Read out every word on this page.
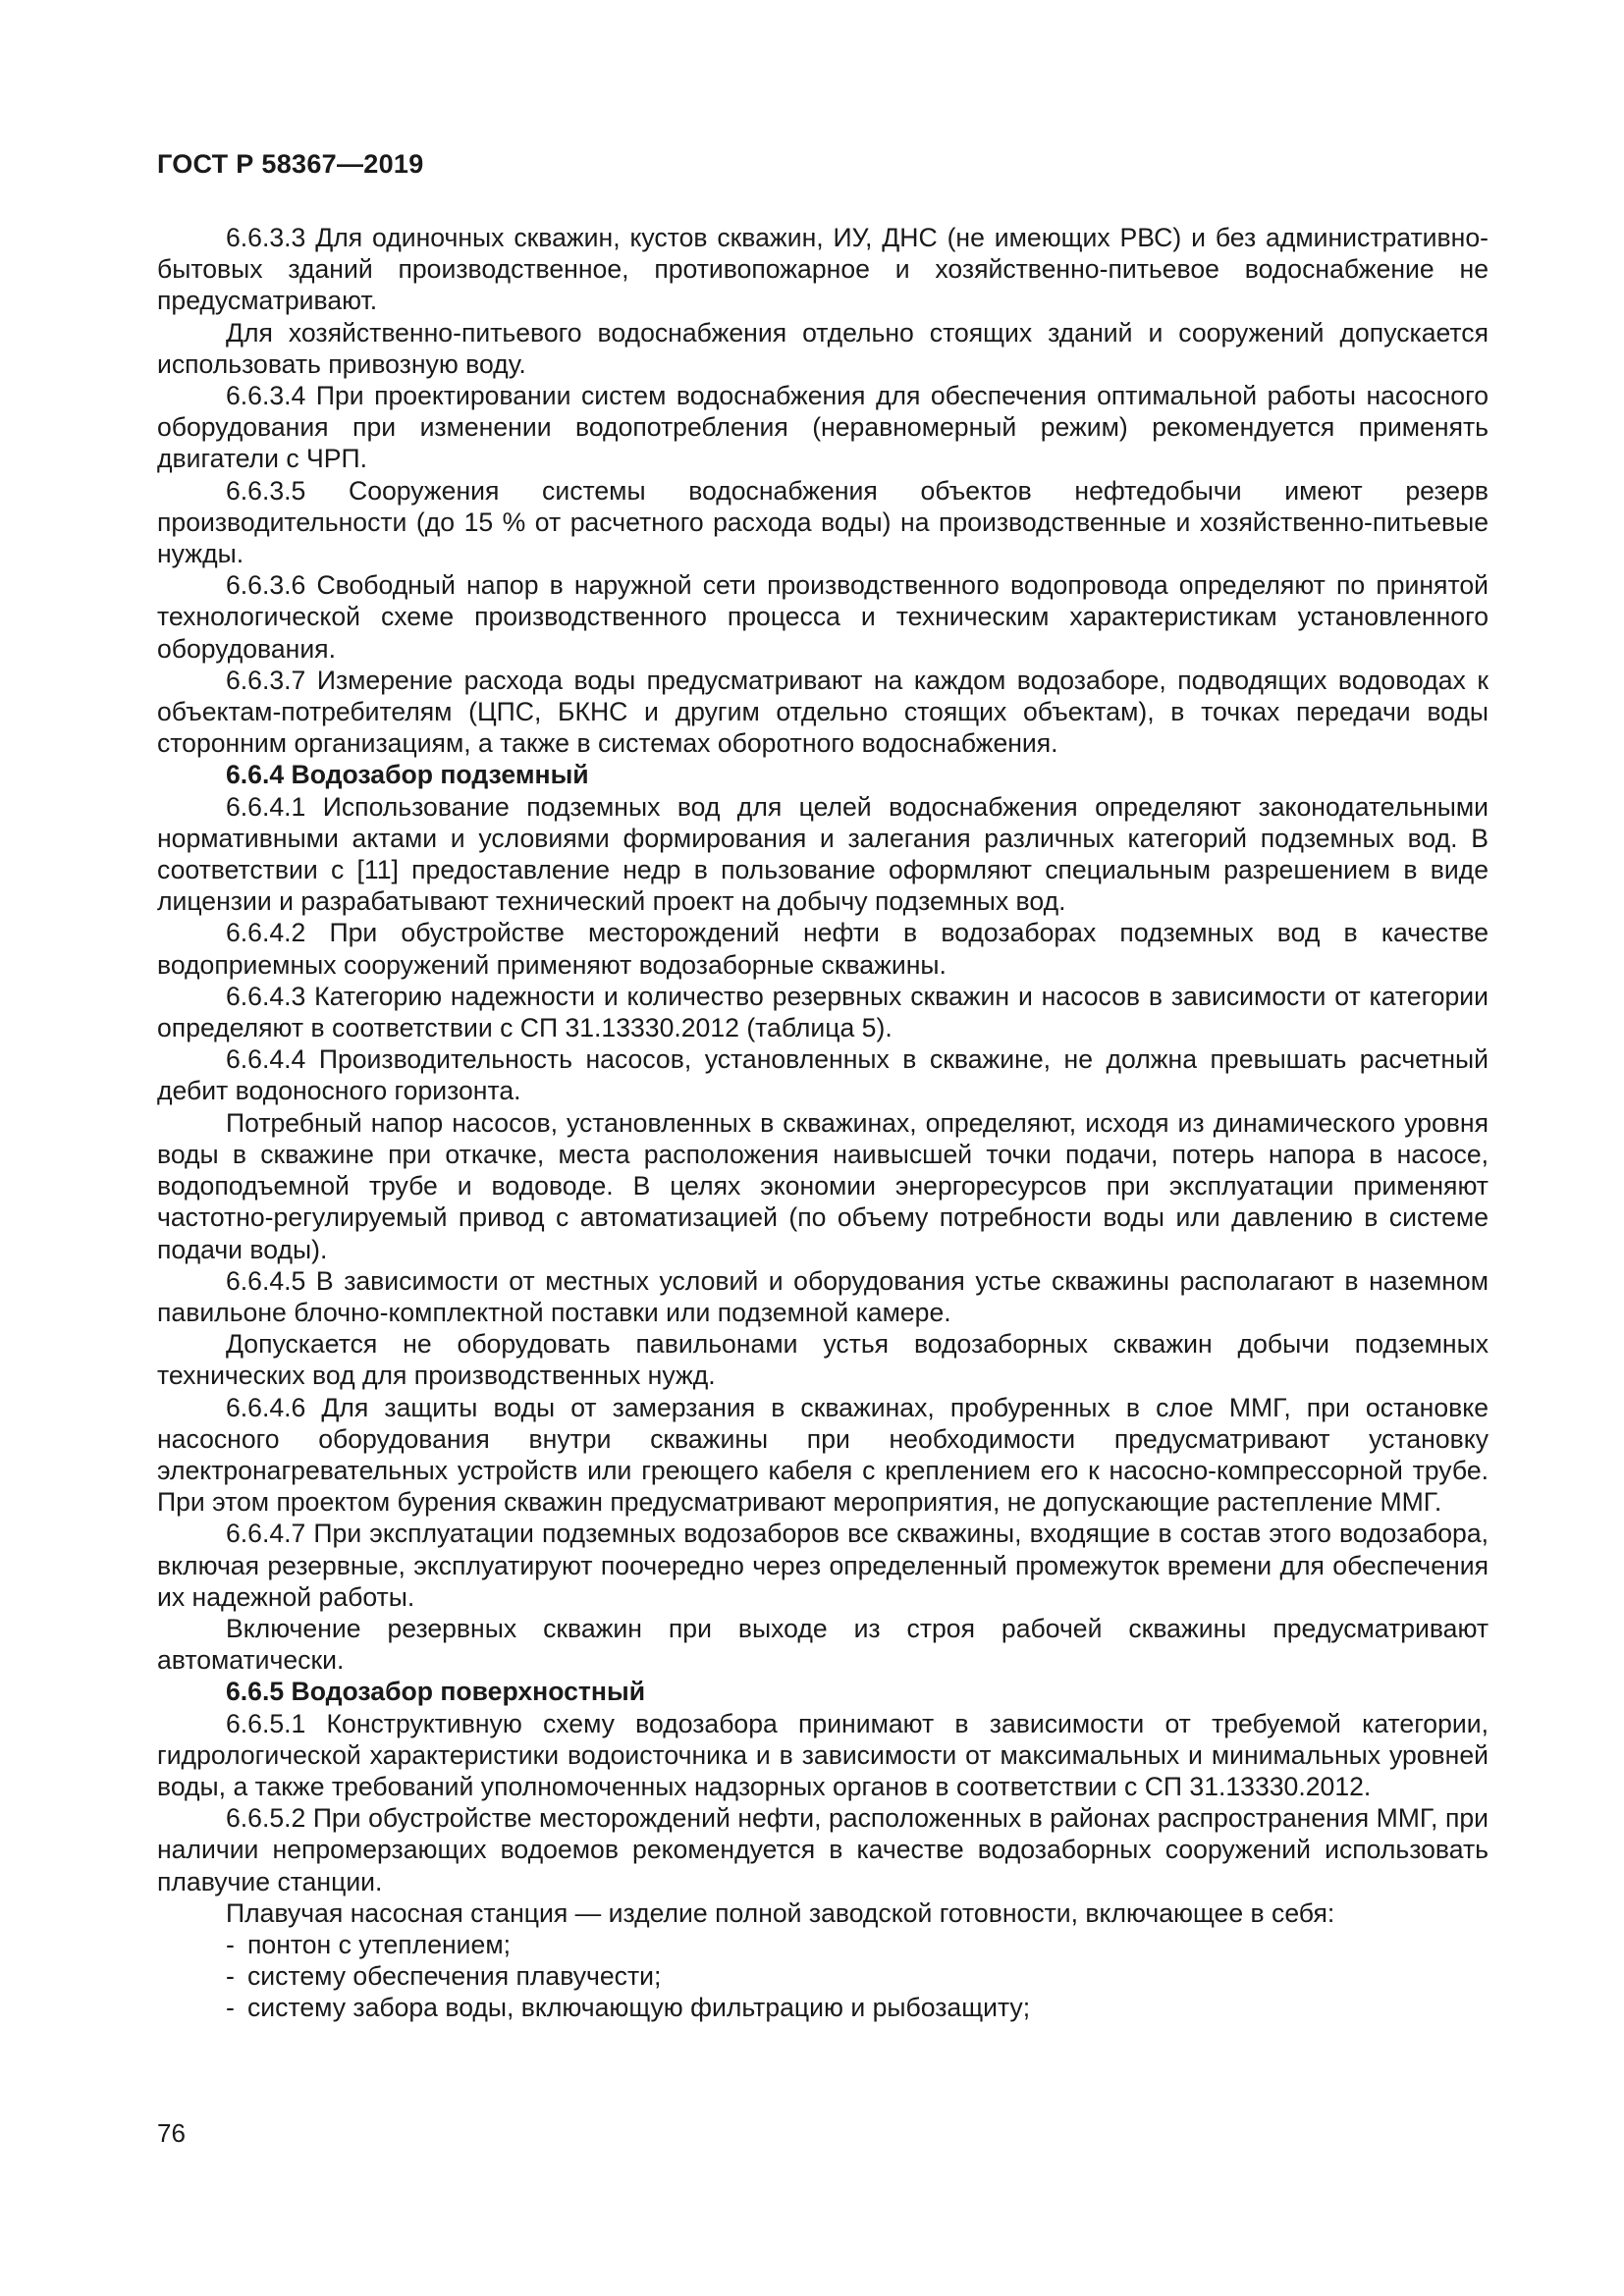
ГОСТ Р 58367—2019

6.6.3.3 Для одиночных скважин, кустов скважин, ИУ, ДНС (не имеющих РВС) и без административно-бытовых зданий производственное, противопожарное и хозяйственно-питьевое водоснабжение не предусматривают.

Для хозяйственно-питьевого водоснабжения отдельно стоящих зданий и сооружений допускается использовать привозную воду.

6.6.3.4 При проектировании систем водоснабжения для обеспечения оптимальной работы насосного оборудования при изменении водопотребления (неравномерный режим) рекомендуется применять двигатели с ЧРП.

6.6.3.5 Сооружения системы водоснабжения объектов нефтедобычи имеют резерв производительности (до 15 % от расчетного расхода воды) на производственные и хозяйственно-питьевые нужды.

6.6.3.6 Свободный напор в наружной сети производственного водопровода определяют по принятой технологической схеме производственного процесса и техническим характеристикам установленного оборудования.

6.6.3.7 Измерение расхода воды предусматривают на каждом водозаборе, подводящих водоводах к объектам-потребителям (ЦПС, БКНС и другим отдельно стоящих объектам), в точках передачи воды сторонним организациям, а также в системах оборотного водоснабжения.

6.6.4 Водозабор подземный

6.6.4.1 Использование подземных вод для целей водоснабжения определяют законодательными нормативными актами и условиями формирования и залегания различных категорий подземных вод. В соответствии с [11] предоставление недр в пользование оформляют специальным разрешением в виде лицензии и разрабатывают технический проект на добычу подземных вод.

6.6.4.2 При обустройстве месторождений нефти в водозаборах подземных вод в качестве водоприемных сооружений применяют водозаборные скважины.

6.6.4.3 Категорию надежности и количество резервных скважин и насосов в зависимости от категории определяют в соответствии с СП 31.13330.2012 (таблица 5).

6.6.4.4 Производительность насосов, установленных в скважине, не должна превышать расчетный дебит водоносного горизонта.

Потребный напор насосов, установленных в скважинах, определяют, исходя из динамического уровня воды в скважине при откачке, места расположения наивысшей точки подачи, потерь напора в насосе, водоподъемной трубе и водоводе. В целях экономии энергоресурсов при эксплуатации применяют частотно-регулируемый привод с автоматизацией (по объему потребности воды или давлению в системе подачи воды).

6.6.4.5 В зависимости от местных условий и оборудования устье скважины располагают в наземном павильоне блочно-комплектной поставки или подземной камере.

Допускается не оборудовать павильонами устья водозаборных скважин добычи подземных технических вод для производственных нужд.

6.6.4.6 Для защиты воды от замерзания в скважинах, пробуренных в слое ММГ, при остановке насосного оборудования внутри скважины при необходимости предусматривают установку электронагревательных устройств или греющего кабеля с креплением его к насосно-компрессорной трубе. При этом проектом бурения скважин предусматривают мероприятия, не допускающие растепление ММГ.

6.6.4.7 При эксплуатации подземных водозаборов все скважины, входящие в состав этого водозабора, включая резервные, эксплуатируют поочередно через определенный промежуток времени для обеспечения их надежной работы.

Включение резервных скважин при выходе из строя рабочей скважины предусматривают автоматически.

6.6.5 Водозабор поверхностный

6.6.5.1 Конструктивную схему водозабора принимают в зависимости от требуемой категории, гидрологической характеристики водоисточника и в зависимости от максимальных и минимальных уровней воды, а также требований уполномоченных надзорных органов в соответствии с СП 31.13330.2012.

6.6.5.2 При обустройстве месторождений нефти, расположенных в районах распространения ММГ, при наличии непромерзающих водоемов рекомендуется в качестве водозаборных сооружений использовать плавучие станции.

Плавучая насосная станция — изделие полной заводской готовности, включающее в себя:

- понтон с утеплением;

- систему обеспечения плавучести;

- систему забора воды, включающую фильтрацию и рыбозащиту;

76
